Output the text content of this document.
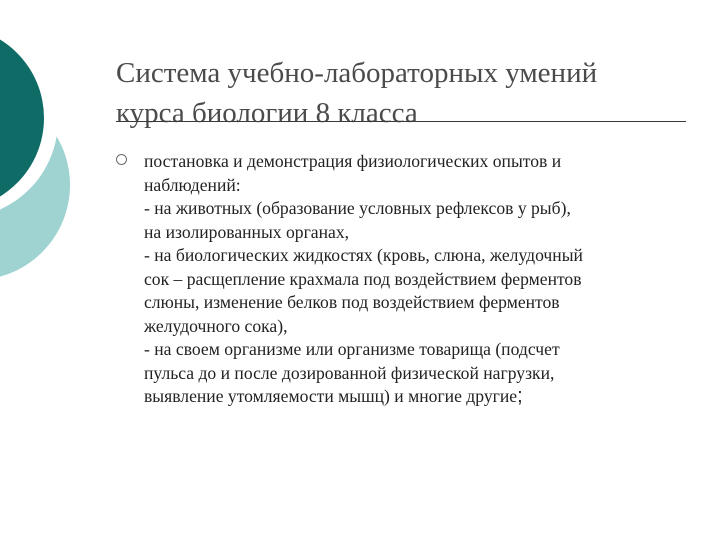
Система учебно-лабораторных умений
курса биологии 8 класса
постановка и демонстрация физиологических опытов и
наблюдений:
- на животных (образование условных рефлексов у рыб),
на изолированных органах,
- на биологических жидкостях (кровь, слюна, желудочный
сок – расщепление крахмала под воздействием ферментов
слюны, изменение белков под воздействием ферментов
желудочного сока),
- на своем организме или организме товарища (подсчет
пульса до и после дозированной физической нагрузки,
выявление утомляемости мышц) и многие другие;
